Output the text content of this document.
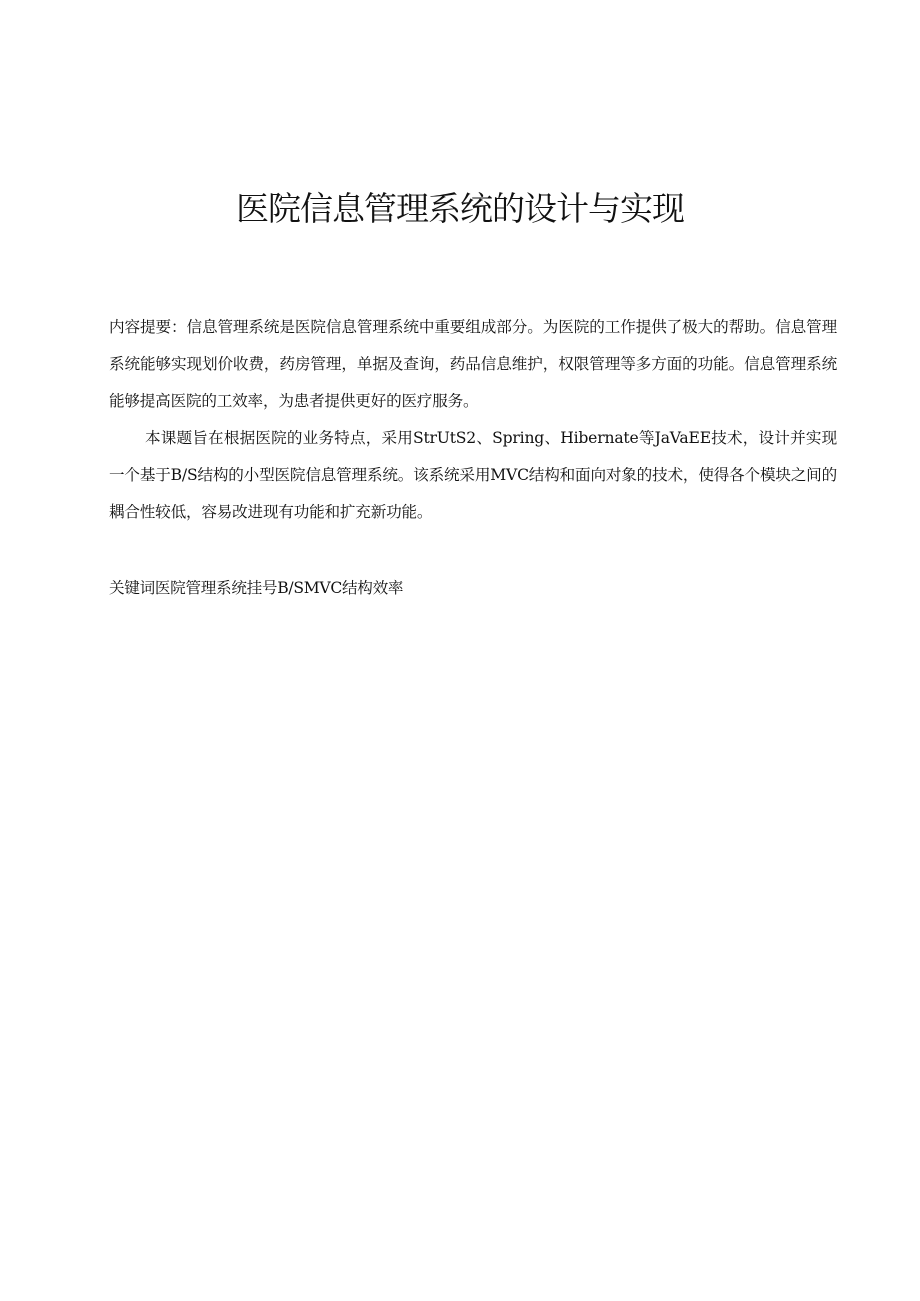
医院信息管理系统的设计与实现

内容提要：信息管理系统是医院信息管理系统中重要组成部分。为医院的工作提供了极大的帮助。信息管理系统能够实现划价收费，药房管理，单据及查询，药品信息维护，权限管理等多方面的功能。信息管理系统能够提高医院的工效率，为患者提供更好的医疗服务。

本课题旨在根据医院的业务特点，采用StrUtS2、Spring、Hibernate等JaVaEE技术，设计并实现一个基于B/S结构的小型医院信息管理系统。该系统采用MVC结构和面向对象的技术，使得各个模块之间的耦合性较低，容易改进现有功能和扩充新功能。

关键词医院管理系统挂号B/SMVC结构效率
